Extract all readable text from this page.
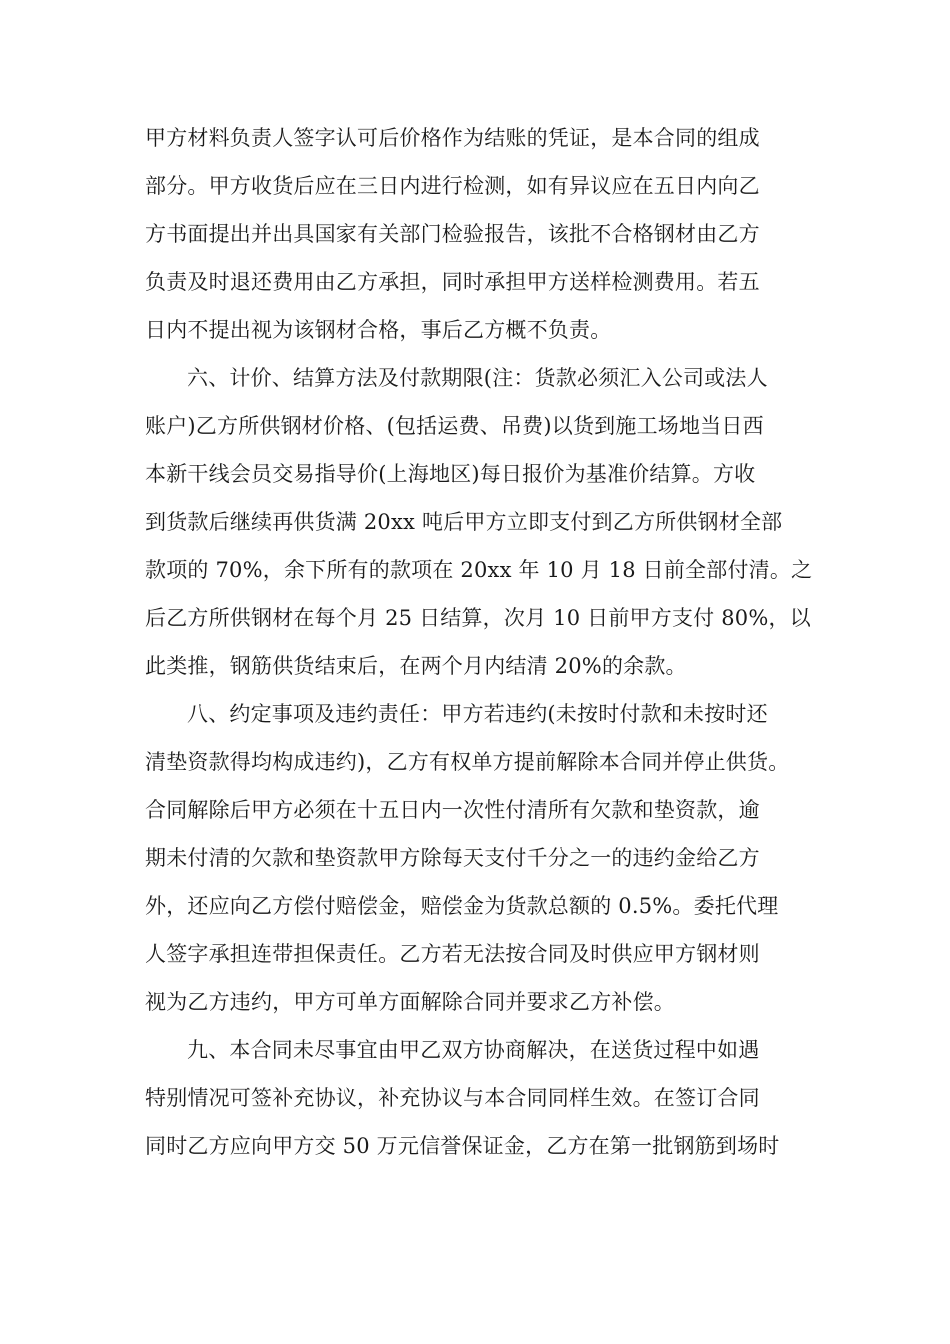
甲方材料负责人签字认可后价格作为结账的凭证，是本合同的组成
部分。甲方收货后应在三日内进行检测，如有异议应在五日内向乙
方书面提出并出具国家有关部门检验报告，该批不合格钢材由乙方
负责及时退还费用由乙方承担，同时承担甲方送样检测费用。若五
日内不提出视为该钢材合格，事后乙方概不负责。
六、计价、结算方法及付款期限(注：货款必须汇入公司或法人
账户)乙方所供钢材价格、(包括运费、吊费)以货到施工场地当日西
本新干线会员交易指导价(上海地区)每日报价为基准价结算。方收
到货款后继续再供货满 20xx 吨后甲方立即支付到乙方所供钢材全部
款项的 70%，余下所有的款项在 20xx 年 10 月 18 日前全部付清。之
后乙方所供钢材在每个月 25 日结算，次月 10 日前甲方支付 80%，以
此类推，钢筋供货结束后，在两个月内结清 20%的余款。
八、约定事项及违约责任：甲方若违约(未按时付款和未按时还
清垫资款得均构成违约)，乙方有权单方提前解除本合同并停止供货。
合同解除后甲方必须在十五日内一次性付清所有欠款和垫资款，逾
期未付清的欠款和垫资款甲方除每天支付千分之一的违约金给乙方
外，还应向乙方偿付赔偿金，赔偿金为货款总额的 0.5%。委托代理
人签字承担连带担保责任。乙方若无法按合同及时供应甲方钢材则
视为乙方违约，甲方可单方面解除合同并要求乙方补偿。
九、本合同未尽事宜由甲乙双方协商解决，在送货过程中如遇
特别情况可签补充协议，补充协议与本合同同样生效。在签订合同
同时乙方应向甲方交 50 万元信誉保证金，乙方在第一批钢筋到场时
